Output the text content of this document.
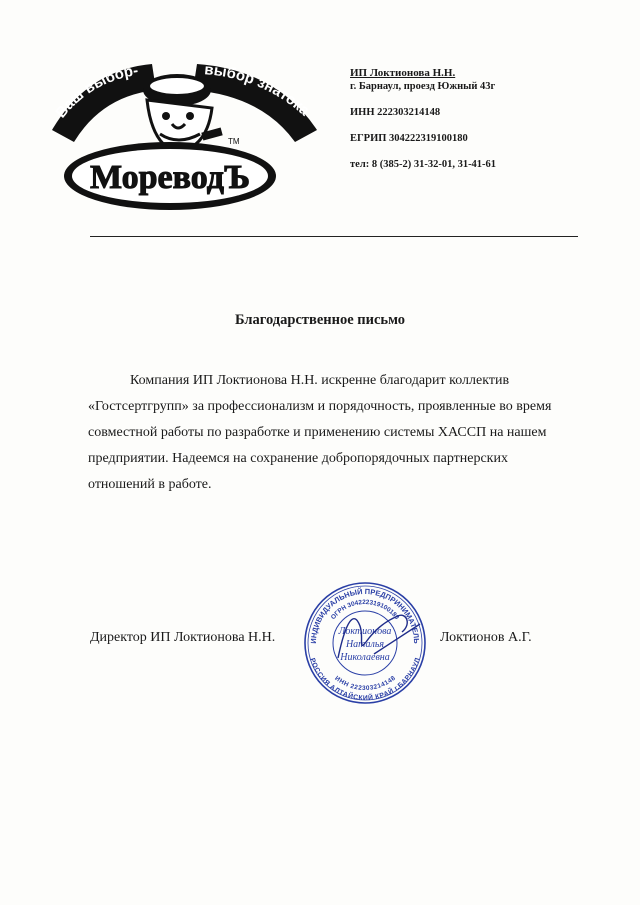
Ваш выбор-	выбор знатока
МореводЪ
TM

ИП Локтионова Н.Н.

г. Барнаул, проезд Южный 43г

ИНН 222303214148

ЕГРИП 304222319100180

тел: 8 (385-2) 31-32-01, 31-41-61

Благодарственное письмо
Компания ИП Локтионова Н.Н. искренне благодарит коллектив
«Гостсертгрупп» за профессионализм и порядочность, проявленные во время
совместной работы по разработке и применению системы ХАССП на нашем
предприятии. Надеемся на сохранение добропорядочных партнерских
отношений в работе.
Директор ИП Локтионова Н.Н.	ИНДИВИДУАЛЬНЫЙ ПРЕДПРИНИМАТЕЛЬ
ОГРН 304222319100180
РОССИЯ АЛТАЙСКИЙ КРАЙ г.БАРНАУЛ
ИНН 222303214148
Локтионова
Наталья
Николаевна
Локтионов А.Г.
